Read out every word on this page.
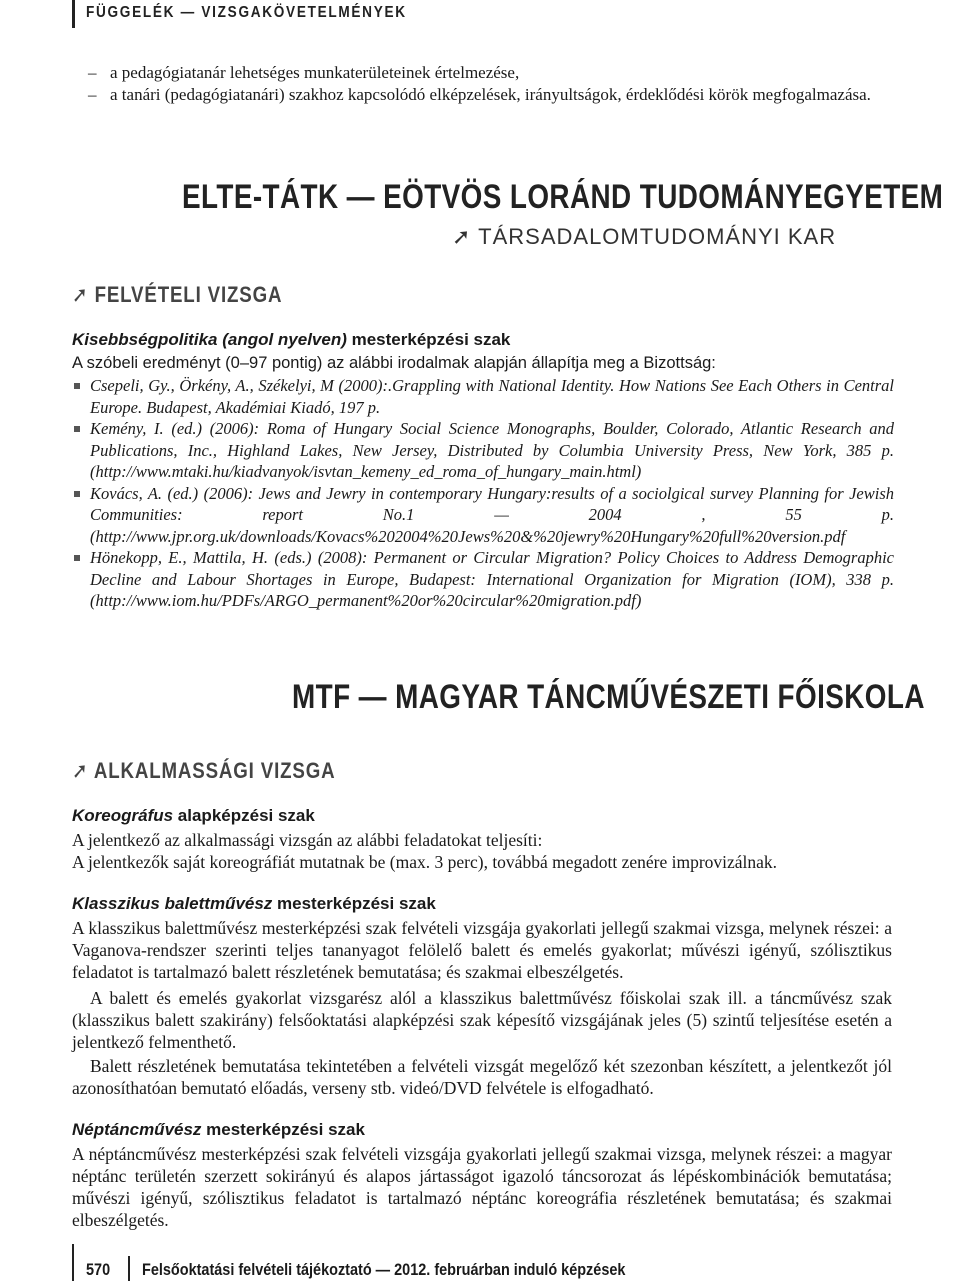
FÜGGELÉK — VIZSGAKÖVETELMÉNYEK
– a pedagógiatanár lehetséges munkaterületeinek értelmezése,
– a tanári (pedagógiatanári) szakhoz kapcsolódó elképzelések, irányultságok, érdeklődési körök megfogalmazása.
ELTE-TÁTK — EÖTVÖS LORÁND TUDOMÁNYEGYETEM
➚ TÁRSADALOMTUDOMÁNYI KAR
➚ FELVÉTELI VIZSGA
Kisebbségpolitika (angol nyelven) mesterképzési szak
A szóbeli eredményt (0–97 pontig) az alábbi irodalmak alapján állapítja meg a Bizottság:
Csepeli, Gy., Örkény, A., Székelyi, M (2000):.Grappling with National Identity. How Nations See Each Others in Central Europe. Budapest, Akadémiai Kiadó, 197 p.
Kemény, I. (ed.) (2006): Roma of Hungary Social Science Monographs, Boulder, Colorado, Atlantic Research and Publications, Inc., Highland Lakes, New Jersey, Distributed by Columbia University Press, New York, 385 p. (http://www.mtaki.hu/kiadvanyok/isvtan_kemeny_ed_roma_of_hungary_main.html)
Kovács, A. (ed.) (2006): Jews and Jewry in contemporary Hungary:results of a sociolgical survey Planning for Jewish Communities: report No.1 — 2004 , 55 p. (http://www.jpr.org.uk/downloads/Kovacs%202004%20Jews%20&%20jewry%20Hungary%20full%20version.pdf
Hönekopp, E., Mattila, H. (eds.) (2008): Permanent or Circular Migration? Policy Choices to Address Demographic Decline and Labour Shortages in Europe, Budapest: International Organization for Migration (IOM), 338 p. (http://www.iom.hu/PDFs/ARGO_permanent%20or%20circular%20migration.pdf)
MTF — MAGYAR TÁNCMŰVÉSZETI FŐISKOLA
➚ ALKALMASSÁGI VIZSGA
Koreográfus alapképzési szak
A jelentkező az alkalmassági vizsgán az alábbi feladatokat teljesíti:
A jelentkezők saját koreográfiát mutatnak be (max. 3 perc), továbbá megadott zenére improvizálnak.
Klasszikus balettművész mesterképzési szak
A klasszikus balettművész mesterképzési szak felvételi vizsgája gyakorlati jellegű szakmai vizsga, melynek részei: a Vaganova-rendszer szerinti teljes tananyagot felölelő balett és emelés gyakorlat; művészi igényű, szólisztikus feladatot is tartalmazó balett részletének bemutatása; és szakmai elbeszélgetés.
A balett és emelés gyakorlat vizsgarész alól a klasszikus balettművész főiskolai szak ill. a táncművész szak (klasszikus balett szakirány) felsőoktatási alapképzési szak képesítő vizsgájának jeles (5) szintű teljesítése esetén a jelentkező felmenthető.
Balett részletének bemutatása tekintetében a felvételi vizsgát megelőző két szezonban készített, a jelentkezőt jól azonosíthatóan bemutató előadás, verseny stb. videó/DVD felvétele is elfogadható.
Néptáncművész mesterképzési szak
A néptáncművész mesterképzési szak felvételi vizsgája gyakorlati jellegű szakmai vizsga, melynek részei: a magyar néptánc területén szerzett sokirányú és alapos jártasságot igazoló táncsorozat ás lépéskombinációk bemutatása; művészi igényű, szólisztikus feladatot is tartalmazó néptánc koreográfia részletének bemutatása; és szakmai elbeszélgetés.
570 Felsőoktatási felvételi tájékoztató — 2012. februárban induló képzések
